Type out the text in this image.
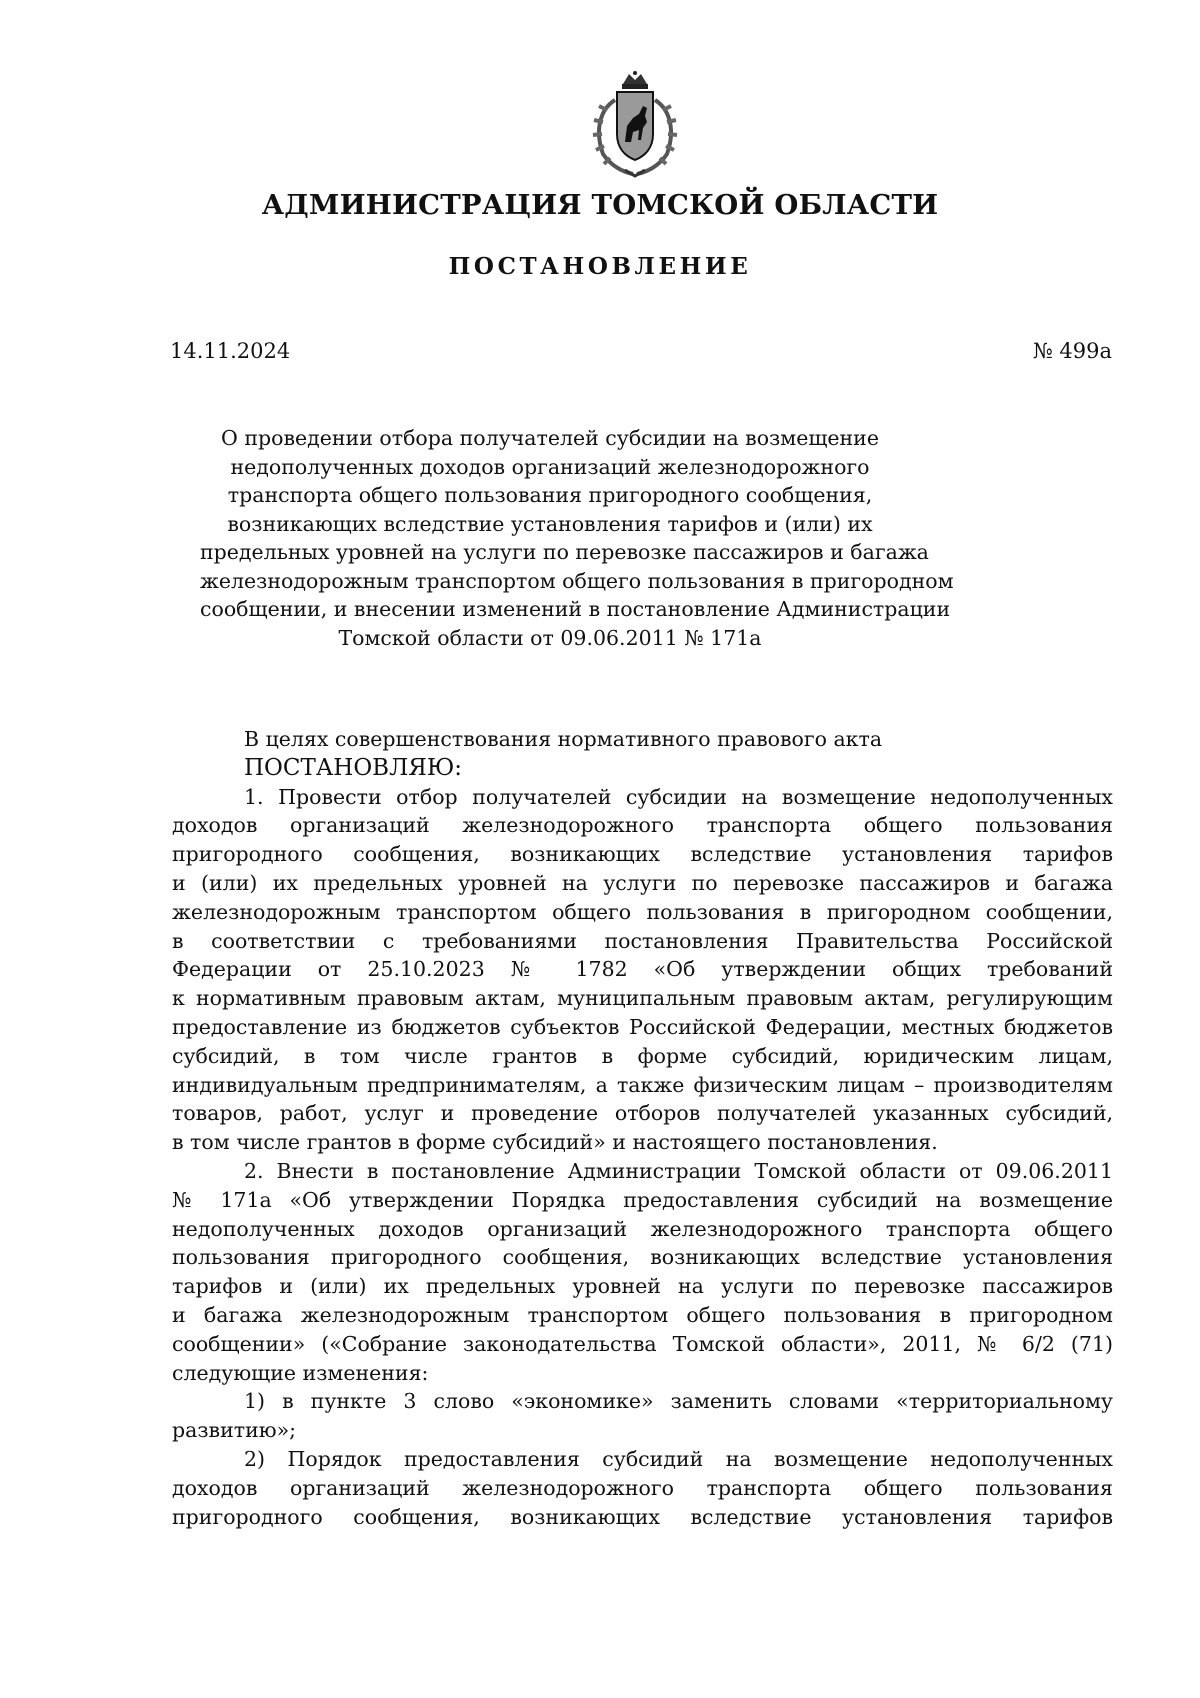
АДМИНИСТРАЦИЯ ТОМСКОЙ ОБЛАСТИ
ПОСТАНОВЛЕНИЕ
14.11.2024	№ 499а
О проведении отбора получателей субсидии на возмещение
недополученных доходов организаций железнодорожного
транспорта общего пользования пригородного сообщения,
возникающих вследствие установления тарифов и (или) их
предельных уровней на услуги по перевозке пассажиров и багажа
железнодорожным транспортом общего пользования в пригородном
сообщении, и внесении изменений в постановление Администрации
Томской области от 09.06.2011 № 171а
В целях совершенствования нормативного правового акта
ПОСТАНОВЛЯЮ:
1. Провести отбор получателей субсидии на возмещение недополученных
доходов организаций железнодорожного транспорта общего пользования
пригородного сообщения, возникающих вследствие установления тарифов
и (или) их предельных уровней на услуги по перевозке пассажиров и багажа
железнодорожным транспортом общего пользования в пригородном сообщении,
в соответствии с требованиями постановления Правительства Российской
Федерации от 25.10.2023 № 1782 «Об утверждении общих требований
к нормативным правовым актам, муниципальным правовым актам, регулирующим
предоставление из бюджетов субъектов Российской Федерации, местных бюджетов
субсидий, в том числе грантов в форме субсидий, юридическим лицам,
индивидуальным предпринимателям, а также физическим лицам – производителям
товаров, работ, услуг и проведение отборов получателей указанных субсидий,
в том числе грантов в форме субсидий» и настоящего постановления.
2. Внести в постановление Администрации Томской области от 09.06.2011
№ 171а «Об утверждении Порядка предоставления субсидий на возмещение
недополученных доходов организаций железнодорожного транспорта общего
пользования пригородного сообщения, возникающих вследствие установления
тарифов и (или) их предельных уровней на услуги по перевозке пассажиров
и багажа железнодорожным транспортом общего пользования в пригородном
сообщении» («Собрание законодательства Томской области», 2011, № 6/2 (71)
следующие изменения:
1) в пункте 3 слово «экономике» заменить словами «территориальному
развитию»;
2) Порядок предоставления субсидий на возмещение недополученных
доходов организаций железнодорожного транспорта общего пользования
пригородного сообщения, возникающих вследствие установления тарифов
